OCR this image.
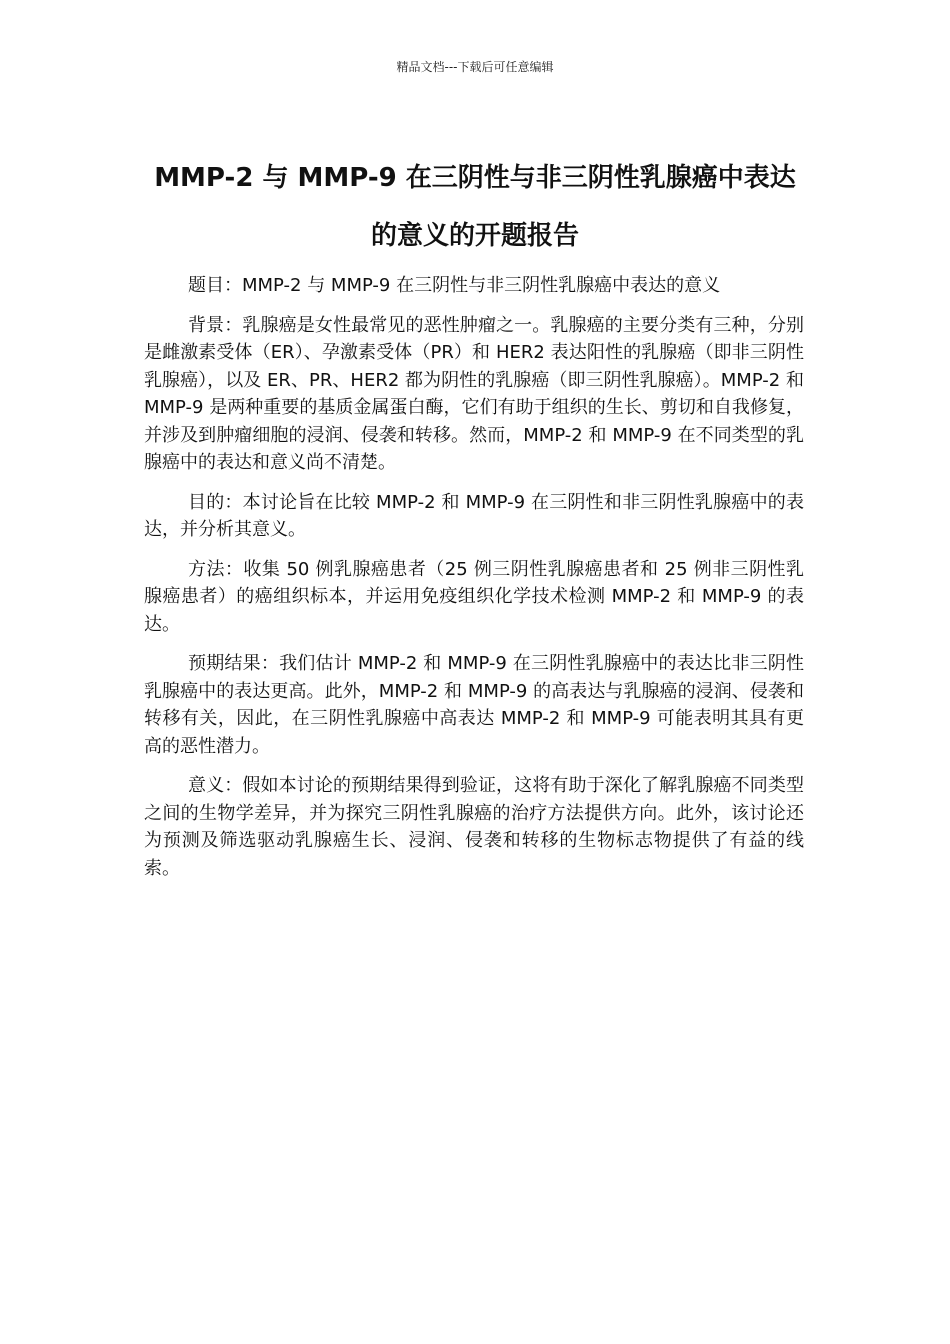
精品文档---下载后可任意编辑
MMP-2 与 MMP-9 在三阴性与非三阴性乳腺癌中表达
的意义的开题报告

题目：MMP-2 与 MMP-9 在三阴性与非三阴性乳腺癌中表达的意义

背景：乳腺癌是女性最常见的恶性肿瘤之一。乳腺癌的主要分类有三种，分别是雌激素受体（ER）、孕激素受体（PR）和 HER2 表达阳性的乳腺癌（即非三阴性乳腺癌），以及 ER、PR、HER2 都为阴性的乳腺癌（即三阴性乳腺癌）。MMP-2 和 MMP-9 是两种重要的基质金属蛋白酶，它们有助于组织的生长、剪切和自我修复，并涉及到肿瘤细胞的浸润、侵袭和转移。然而，MMP-2 和 MMP-9 在不同类型的乳腺癌中的表达和意义尚不清楚。

目的：本讨论旨在比较 MMP-2 和 MMP-9 在三阴性和非三阴性乳腺癌中的表达，并分析其意义。

方法：收集 50 例乳腺癌患者（25 例三阴性乳腺癌患者和 25 例非三阴性乳腺癌患者）的癌组织标本，并运用免疫组织化学技术检测 MMP-2 和 MMP-9 的表达。

预期结果：我们估计 MMP-2 和 MMP-9 在三阴性乳腺癌中的表达比非三阴性乳腺癌中的表达更高。此外，MMP-2 和 MMP-9 的高表达与乳腺癌的浸润、侵袭和转移有关，因此，在三阴性乳腺癌中高表达 MMP-2 和 MMP-9 可能表明其具有更高的恶性潜力。

意义：假如本讨论的预期结果得到验证，这将有助于深化了解乳腺癌不同类型之间的生物学差异，并为探究三阴性乳腺癌的治疗方法提供方向。此外，该讨论还为预测及筛选驱动乳腺癌生长、浸润、侵袭和转移的生物标志物提供了有益的线索。
